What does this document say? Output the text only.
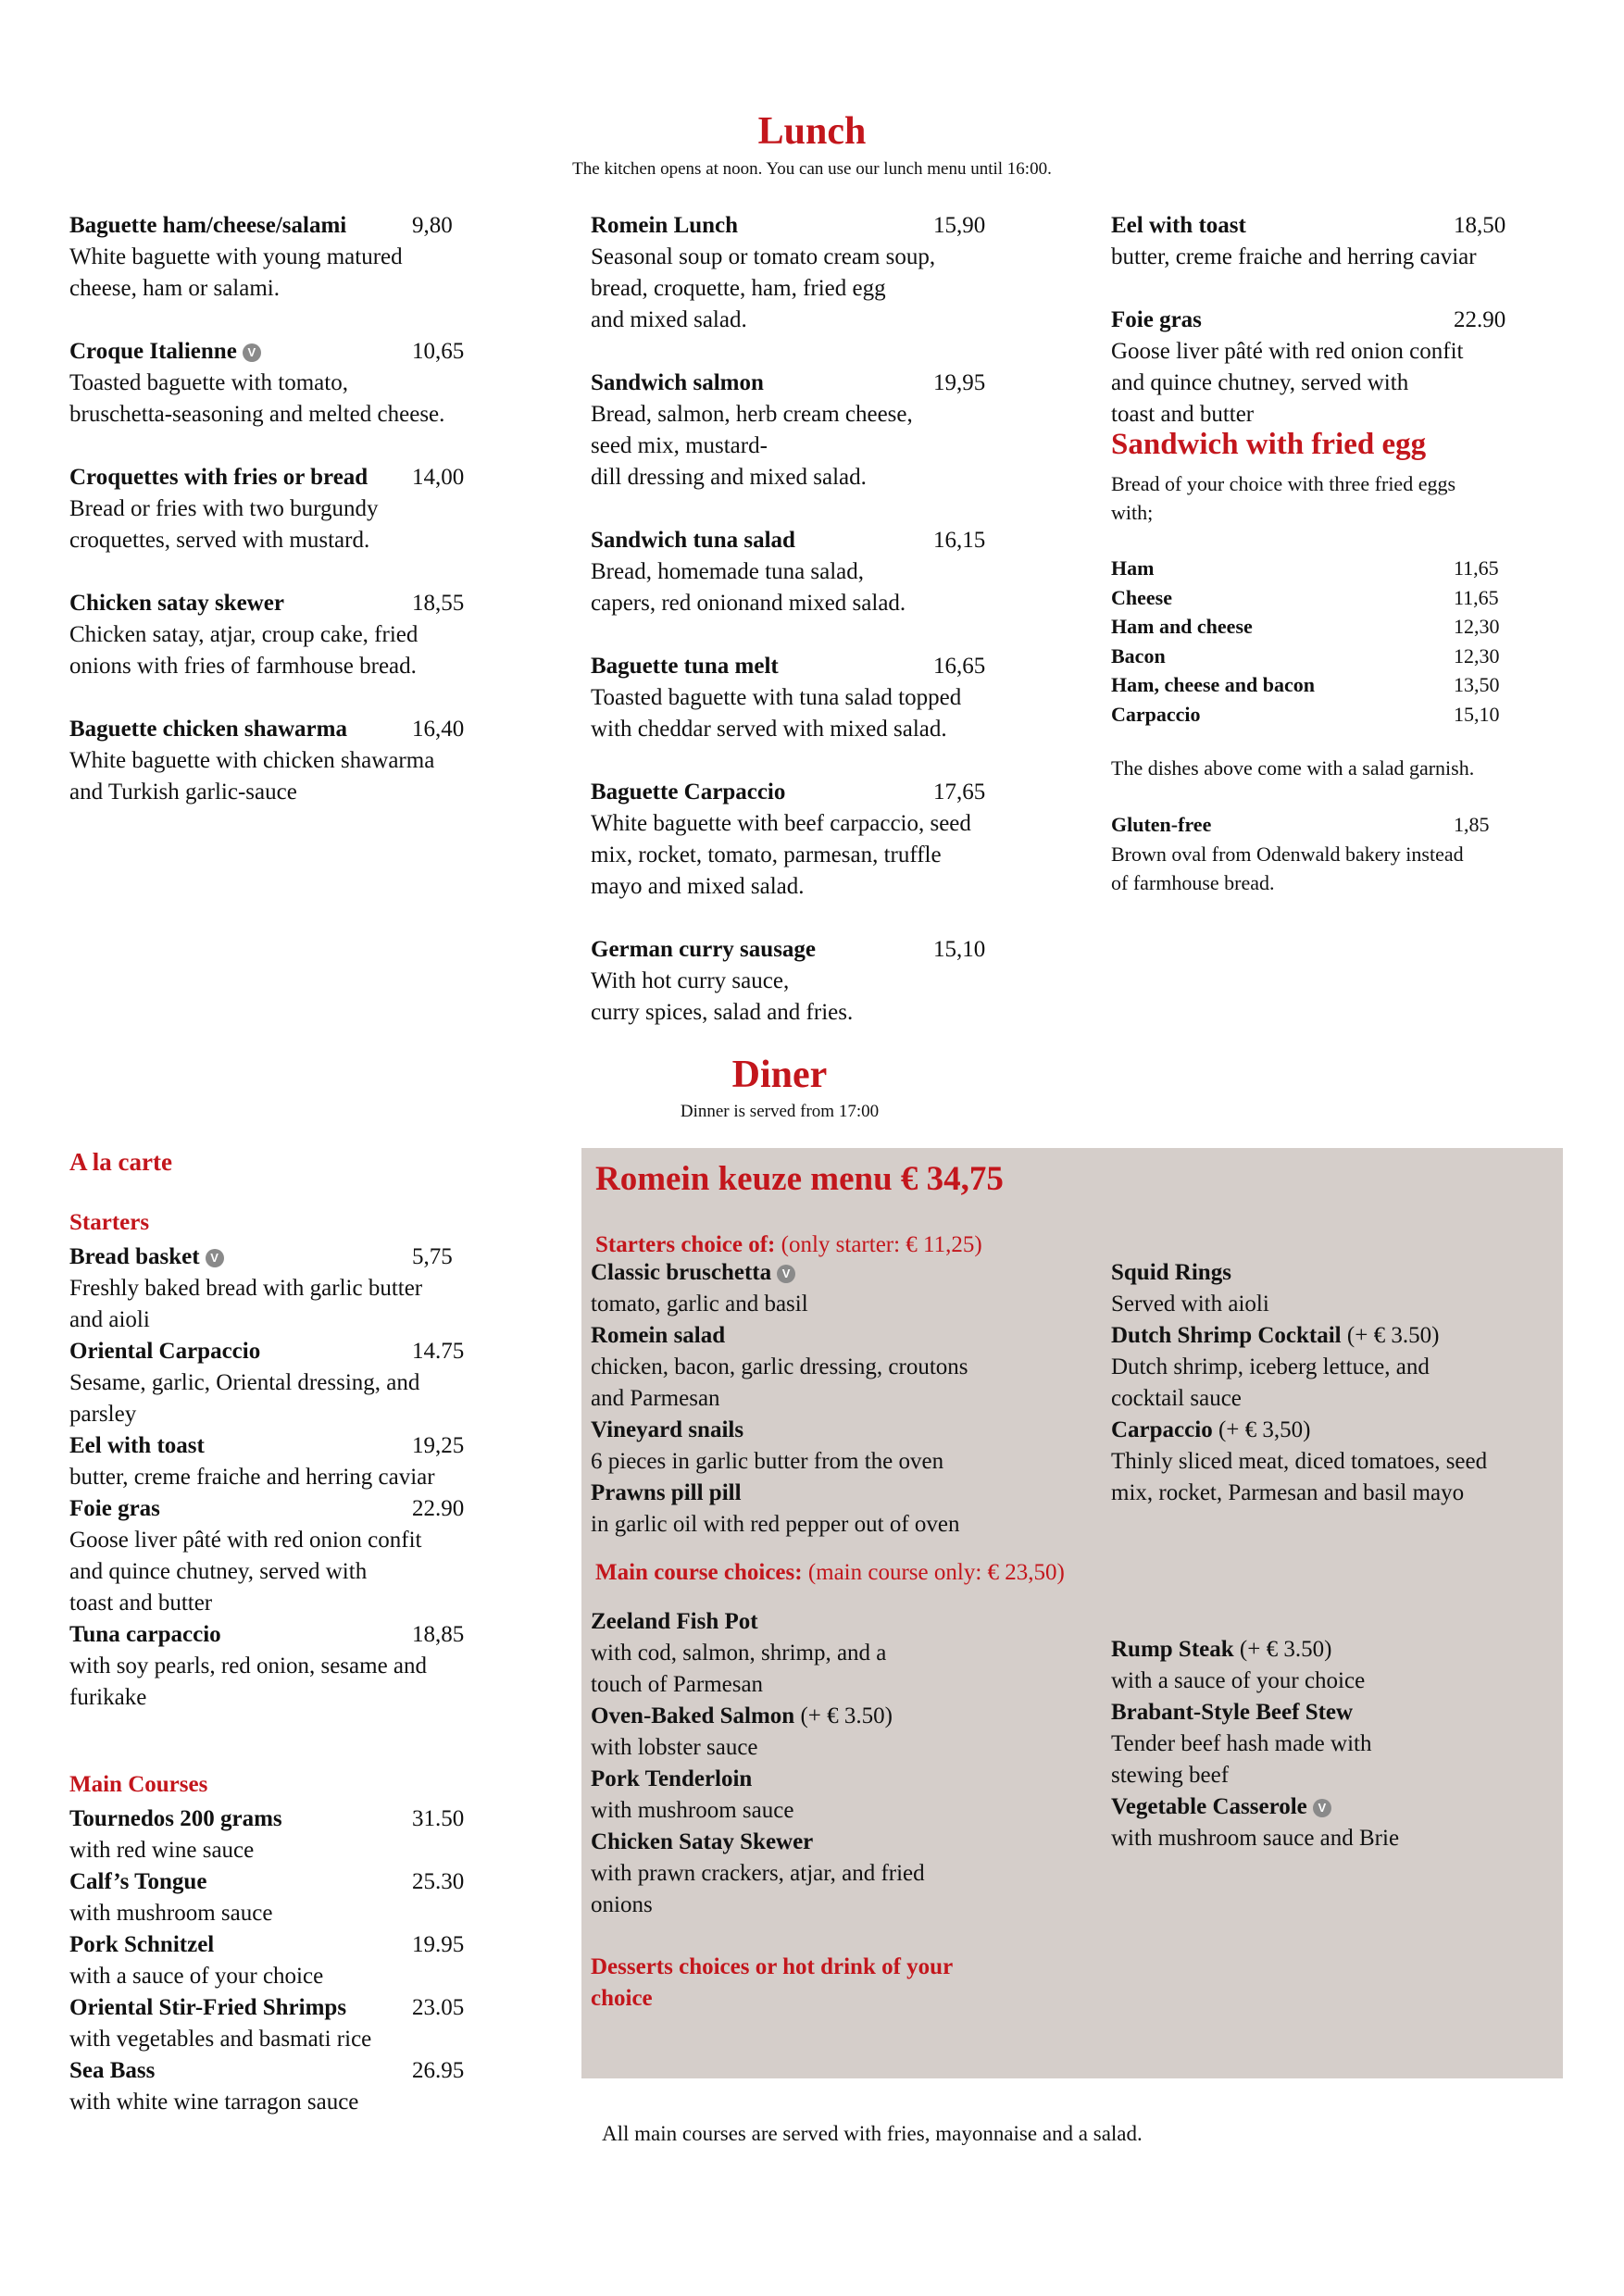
Lunch
The kitchen opens at noon. You can use our lunch menu until 16:00.
Baguette ham/cheese/salami	9,80
White baguette with young matured
cheese, ham or salami.
Croque Italienne V	10,65
Toasted baguette with tomato,
bruschetta-seasoning and melted cheese.
Croquettes with fries or bread 14,00
Bread or fries with two burgundy
croquettes, served with mustard.
Chicken satay skewer	18,55
Chicken satay, atjar, croup cake, fried
onions with fries of farmhouse bread.
Baguette chicken shawarma	16,40
White baguette with chicken shawarma
and Turkish garlic-sauce
Romein Lunch	15,90
Seasonal soup or tomato cream soup,
bread, croquette, ham, fried egg
and mixed salad.
Sandwich salmon	19,95
Bread, salmon, herb cream cheese,
seed mix, mustard-
dill dressing and mixed salad.
Sandwich tuna salad	16,15
Bread, homemade tuna salad,
capers, red onionand mixed salad.
Baguette tuna melt	16,65
Toasted baguette with tuna salad topped
with cheddar served with mixed salad.
Baguette Carpaccio	17,65
White baguette with beef carpaccio, seed
mix, rocket, tomato, parmesan, truffle
mayo and mixed salad.
German curry sausage	15,10
With hot curry sauce,
curry spices, salad and fries.
Eel with toast	18,50
butter, creme fraiche and herring caviar
Foie gras	22.90
Goose liver pâté with red onion confit
and quince chutney, served with
toast and butter
Sandwich with fried egg
Bread of your choice with three fried eggs
with;
Ham	11,65
Cheese	11,65
Ham and cheese	12,30
Bacon	12,30
Ham, cheese and bacon	13,50
Carpaccio	15,10
The dishes above come with a salad garnish.
Gluten-free	1,85
Brown oval from Odenwald bakery instead
of farmhouse bread.
Diner
Dinner is served from 17:00
A la carte
Starters
Bread basket V	5,75
Freshly baked bread with garlic butter
and aioli
Oriental Carpaccio	14.75
Sesame, garlic, Oriental dressing, and
parsley
Eel with toast	19,25
butter, creme fraiche and herring caviar
Foie gras	22.90
Goose liver pâté with red onion confit
and quince chutney, served with
toast and butter
Tuna carpaccio	18,85
with soy pearls, red onion, sesame and
furikake
Main Courses
Tournedos 200 grams	31.50
with red wine sauce
Calf’s Tongue	25.30
with mushroom sauce
Pork Schnitzel	19.95
with a sauce of your choice
Oriental Stir-Fried Shrimps	23.05
with vegetables and basmati rice
Sea Bass	26.95
with white wine tarragon sauce
Romein keuze menu € 34,75
Starters choice of: (only starter: € 11,25)
Classic bruschetta V
tomato, garlic and basil
Romein salad
chicken, bacon, garlic dressing, croutons
and Parmesan
Vineyard snails
6 pieces in garlic butter from the oven
Prawns pill pill
in garlic oil with red pepper out of oven
Squid Rings
Served with aioli
Dutch Shrimp Cocktail (+ € 3.50)
Dutch shrimp, iceberg lettuce, and
cocktail sauce
Carpaccio (+ € 3,50)
Thinly sliced meat, diced tomatoes, seed
mix, rocket, Parmesan and basil mayo
Main course choices: (main course only: € 23,50)
Zeeland Fish Pot
with cod, salmon, shrimp, and a
touch of Parmesan
Oven-Baked Salmon (+ € 3.50)
with lobster sauce
Pork Tenderloin
with mushroom sauce
Chicken Satay Skewer
with prawn crackers, atjar, and fried
onions
Rump Steak (+ € 3.50)
with a sauce of your choice
Brabant-Style Beef Stew
Tender beef hash made with
stewing beef
Vegetable Casserole V
with mushroom sauce and Brie
Desserts choices or hot drink of your
choice
All main courses are served with fries, mayonnaise and a salad.
